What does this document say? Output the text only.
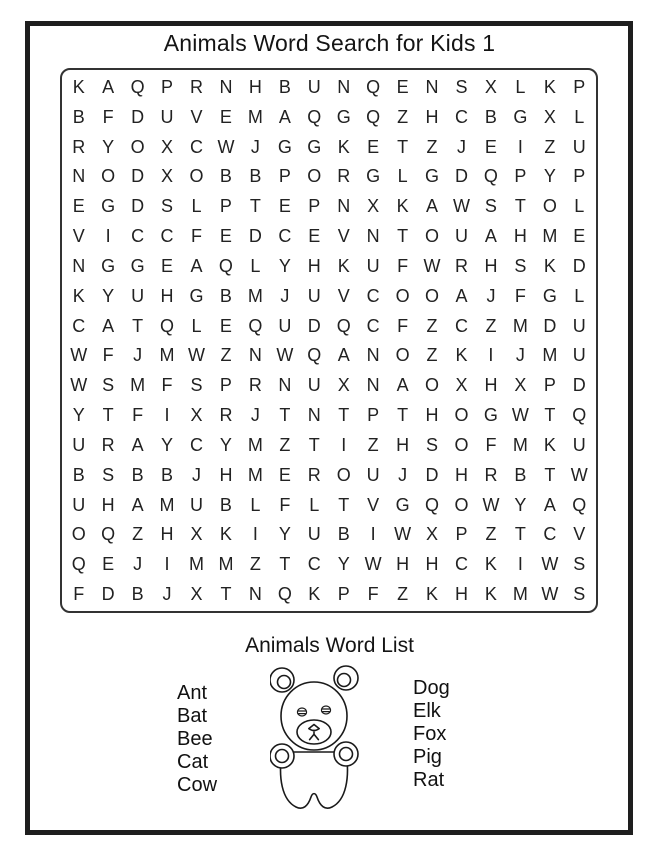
Animals Word Search for Kids 1
K A Q P R N H B U N Q E N S X	L	K P
B F D U V E M A Q G Q Z H C B G X	L
R Y O X C W J G G K E T	Z	J	E	I	Z U
N O D X O B B P O R G L G D Q P Y P
E G D S	L	P T E P N X K A W S T O L
V	I	C C F E D C E V N T O U A H M E
N G G E A Q L	Y H K U F W R H S K D
K Y U H G B M J	U V C O O A	J	F G L
C A T Q L	E Q U D Q C F	Z C Z M D U
W F	J M W Z N W Q A N O Z K	I	J M U
W S M F S P R N U X N A O X H X P D
Y T	F	I	X R	J	T N T P T H O G W T Q
U R A Y C Y M Z	T	I	Z H S O F M K U
B S B B	J	H M E R O U	J	D H R B T W
U H A M U B	L	F	L	T V G Q O W Y A Q
O Q Z H X K	I	Y U B	I	W X P Z	T C V
Q E	J	I	M M Z	T C Y W H H C K	I	W S
F D B	J	X T N Q K P F	Z K H K M W S
Animals Word List
Ant
Bat
Bee
Cat
Cow
Dog
Elk
Fox
Pig
Rat
